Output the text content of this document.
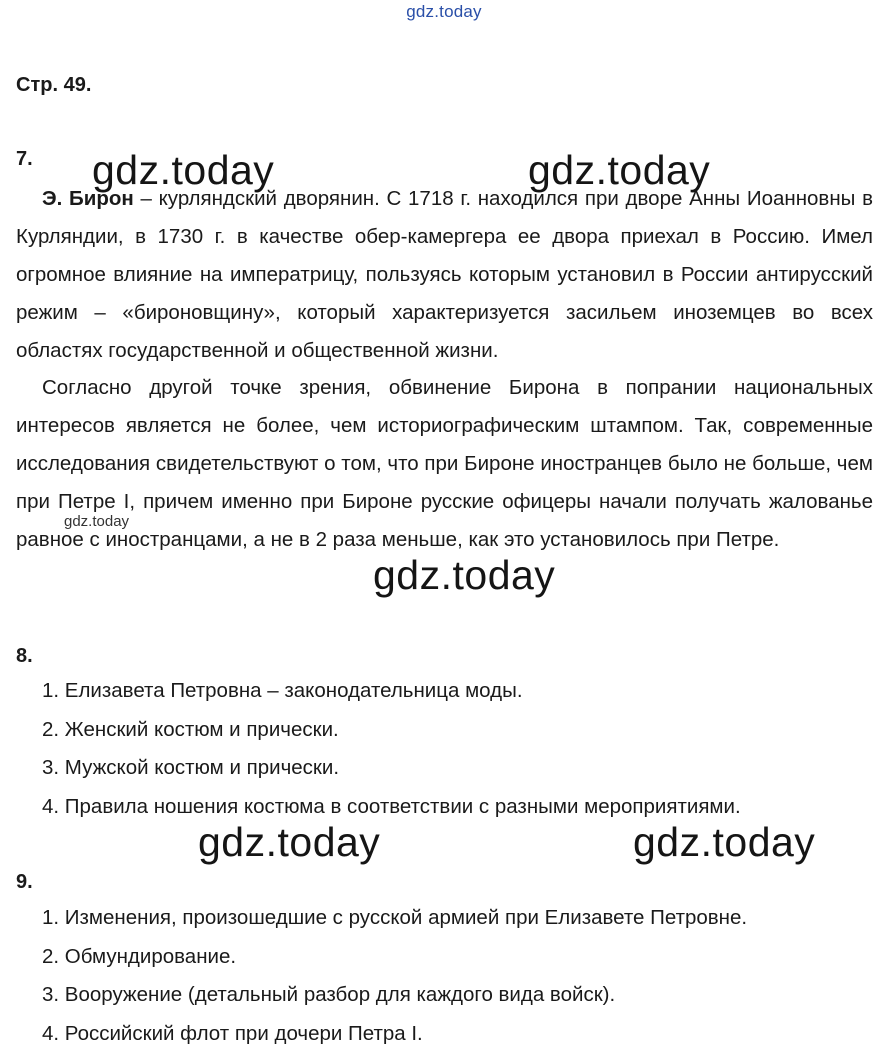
gdz.today
Стр. 49.
7.

Э. Бирон – курляндский дворянин. С 1718 г. находился при дворе Анны Иоанновны в Курляндии, в 1730 г. в качестве обер-камергера ее двора приехал в Россию. Имел огромное влияние на императрицу, пользуясь которым установил в России антирусский режим – «бироновщину», который характеризуется засильем иноземцев во всех областях государственной и общественной жизни.

Согласно другой точке зрения, обвинение Бирона в попрании национальных интересов является не более, чем историографическим штампом. Так, современные исследования свидетельствуют о том, что при Бироне иностранцев было не больше, чем при Петре I, причем именно при Бироне русские офицеры начали получать жалованье равное с иностранцами, а не в 2 раза меньше, как это установилось при Петре.

8.
1. Елизавета Петровна – законодательница моды.
2. Женский костюм и прически.
3. Мужской костюм и прически.
4. Правила ношения костюма в соответствии с разными мероприятиями.
9.
1. Изменения, произошедшие с русской армией при Елизавете Петровне.
2. Обмундирование.
3. Вооружение (детальный разбор для каждого вида войск).
4. Российский флот при дочери Петра I.
gdz.today	gdz.today
gdz.today
gdz.today
gdz.today	gdz.today
